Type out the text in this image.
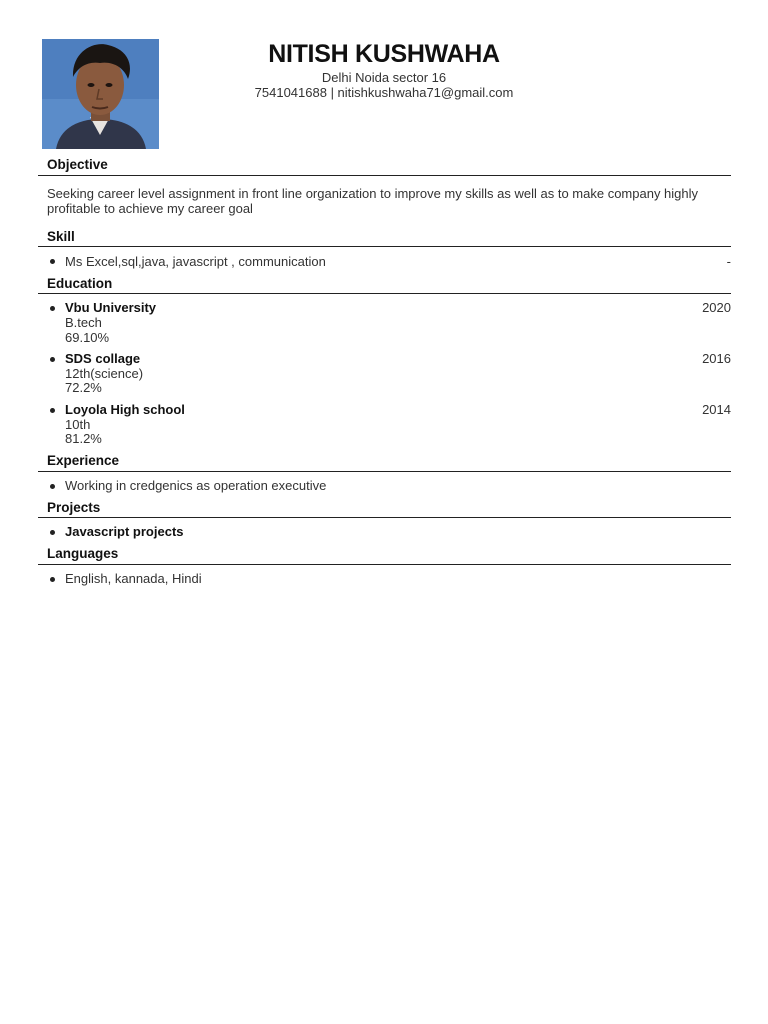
NITISH KUSHWAHA

Delhi Noida sector 16

7541041688 | nitishkushwaha71@gmail.com

Objective
Seeking career level assignment in front line organization to improve my skills as well as to make company highly profitable to achieve my career goal
Skill
Ms Excel,sql,java, javascript , communication	-
Education
Vbu University	2020
B.tech
69.10%
SDS collage	2016
12th(science)
72.2%
Loyola High school	2014
10th
81.2%
Experience
Working in credgenics as operation executive
Projects
Javascript projects
Languages
English, kannada, Hindi
